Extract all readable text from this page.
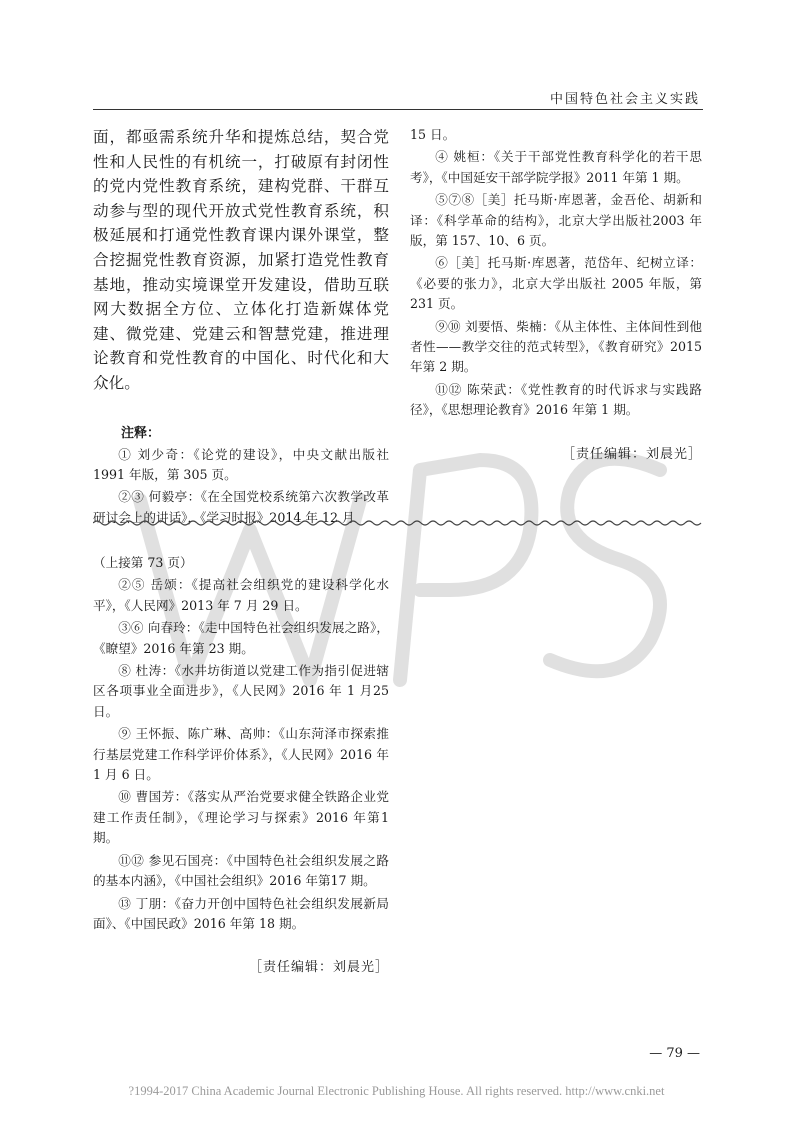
中国特色社会主义实践

面，都亟需系统升华和提炼总结，契合党性和人民性的有机统一，打破原有封闭性的党内党性教育系统，建构党群、干群互动参与型的现代开放式党性教育系统，积极延展和打通党性教育课内课外课堂，整合挖掘党性教育资源，加紧打造党性教育基地，推动实境课堂开发建设，借助互联网大数据全方位、立体化打造新媒体党建、微党建、党建云和智慧党建，推进理论教育和党性教育的中国化、时代化和大众化。

注释：

① 刘少奇：《论党的建设》，中央文献出版社1991 年版，第 305 页。

②③ 何毅亭：《在全国党校系统第六次教学改革研讨会上的讲话》，《学习时报》2014 年 12 月

15 日。

④ 姚桓：《关于干部党性教育科学化的若干思考》，《中国延安干部学院学报》2011 年第 1 期。

⑤⑦⑧［美］托马斯·库恩著，金吾伦、胡新和译：《科学革命的结构》，北京大学出版社2003 年版，第 157、10、6 页。

⑥［美］托马斯·库恩著，范岱年、纪树立译：《必要的张力》，北京大学出版社 2005 年版，第 231 页。

⑨⑩ 刘要悟、柴楠：《从主体性、主体间性到他者性——教学交往的范式转型》，《教育研究》2015 年第 2 期。

⑪⑫ 陈荣武：《党性教育的时代诉求与实践路径》，《思想理论教育》2016 年第 1 期。

［责任编辑：刘晨光］

（上接第 73 页）

②⑤ 岳颂：《提高社会组织党的建设科学化水平》，《人民网》2013 年 7 月 29 日。

③⑥ 向春玲：《走中国特色社会组织发展之路》，《瞭望》2016 年第 23 期。

⑧ 杜涛：《水井坊街道以党建工作为指引促进辖区各项事业全面进步》，《人民网》2016 年 1 月25 日。

⑨ 王怀振、陈广琳、高帅：《山东菏泽市探索推行基层党建工作科学评价体系》，《人民网》2016 年 1 月 6 日。

⑩ 曹国芳：《落实从严治党要求健全铁路企业党建工作责任制》，《理论学习与探索》2016 年第1 期。

⑪⑫ 参见石国亮：《中国特色社会组织发展之路的基本内涵》，《中国社会组织》2016 年第17 期。

⑬ 丁朋：《奋力开创中国特色社会组织发展新局面》、《中国民政》2016 年第 18 期。

［责任编辑：刘晨光］
— 79 —
?1994-2017 China Academic Journal Electronic Publishing House. All rights reserved. http://www.cnki.net
